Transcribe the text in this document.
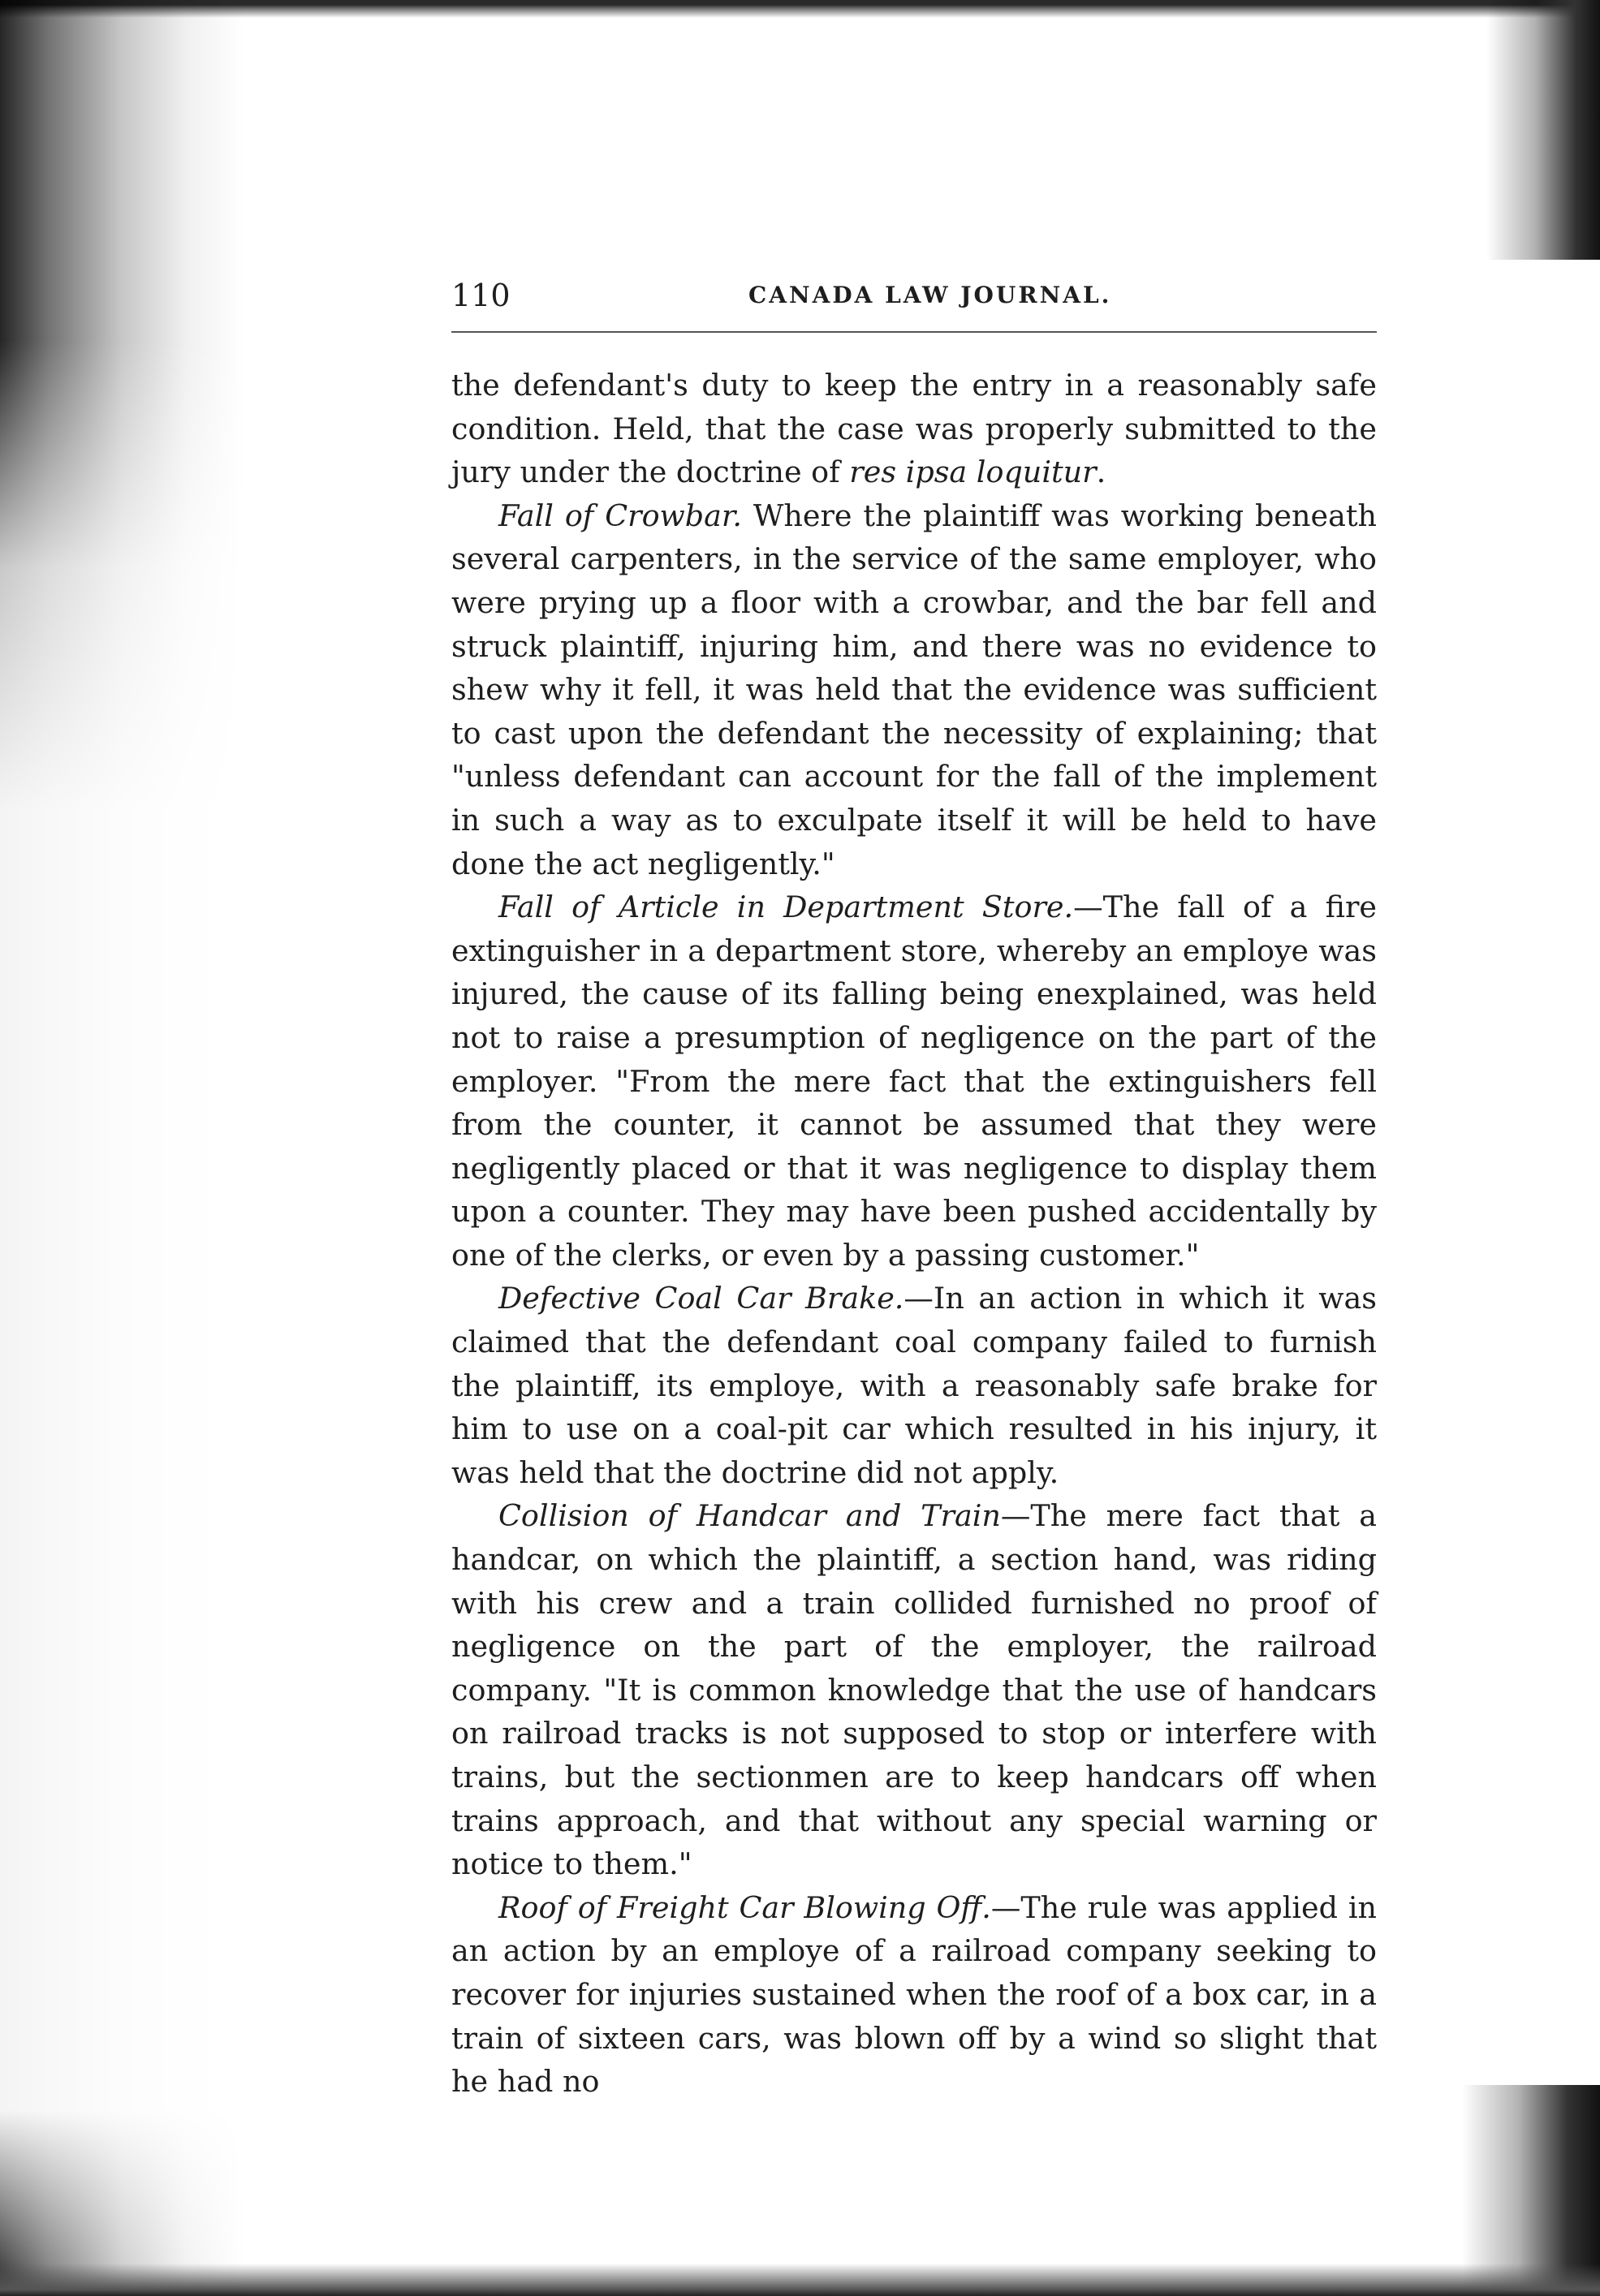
110	CANADA LAW JOURNAL.

the defendant's duty to keep the entry in a reasonably safe condition. Held, that the case was properly submitted to the jury under the doctrine of res ipsa loquitur.

Fall of Crowbar. Where the plaintiff was working beneath several carpenters, in the service of the same employer, who were prying up a floor with a crowbar, and the bar fell and struck plaintiff, injuring him, and there was no evidence to shew why it fell, it was held that the evidence was sufficient to cast upon the defendant the necessity of explaining; that "unless defendant can account for the fall of the implement in such a way as to exculpate itself it will be held to have done the act negligently."

Fall of Article in Department Store.—The fall of a fire extinguisher in a department store, whereby an employe was injured, the cause of its falling being enexplained, was held not to raise a presumption of negligence on the part of the employer. "From the mere fact that the extinguishers fell from the counter, it cannot be assumed that they were negligently placed or that it was negligence to display them upon a counter. They may have been pushed accidentally by one of the clerks, or even by a passing customer."

Defective Coal Car Brake.—In an action in which it was claimed that the defendant coal company failed to furnish the plaintiff, its employe, with a reasonably safe brake for him to use on a coal-pit car which resulted in his injury, it was held that the doctrine did not apply.

Collision of Handcar and Train—The mere fact that a handcar, on which the plaintiff, a section hand, was riding with his crew and a train collided furnished no proof of negligence on the part of the employer, the railroad company. "It is common knowledge that the use of handcars on railroad tracks is not supposed to stop or interfere with trains, but the sectionmen are to keep handcars off when trains approach, and that without any special warning or notice to them."

Roof of Freight Car Blowing Off.—The rule was applied in an action by an employe of a railroad company seeking to recover for injuries sustained when the roof of a box car, in a train of sixteen cars, was blown off by a wind so slight that he had no
